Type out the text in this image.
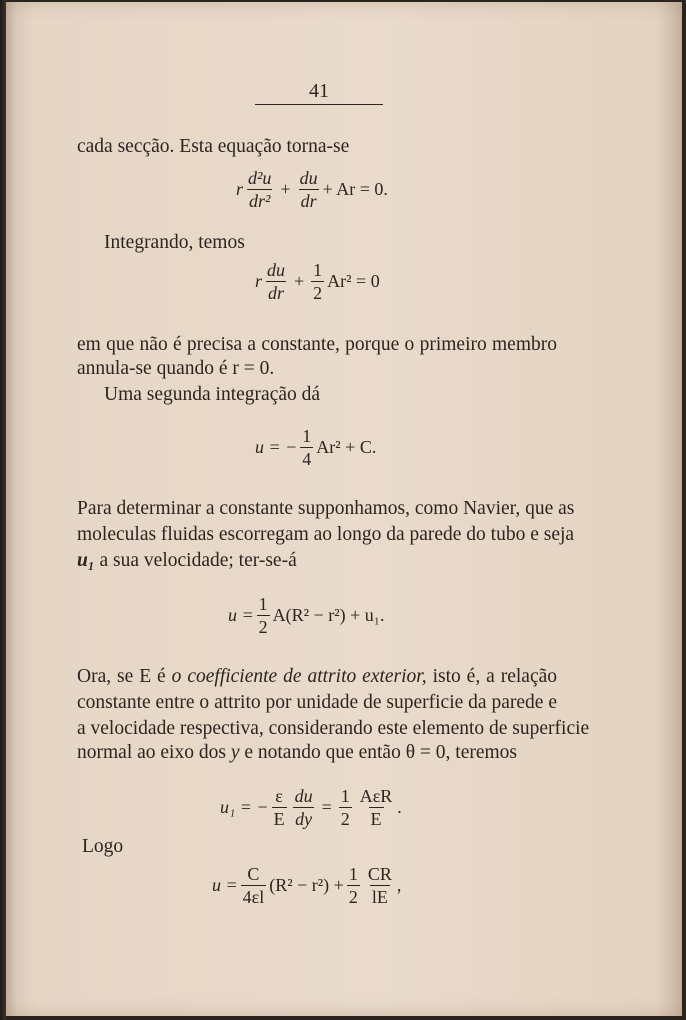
41
cada secção. Esta equação torna-se
r $\frac{\text{d²u}}{\text{dr²}} + \frac{du}{dr} + Ar = 0$.
Integrando, temos
r $\frac{du}{dr} + \frac{1}{2} Ar^2 = 0$
em que não é precisa a constante, porque o primeiro membro
annula-se quando é r = 0.
Uma segunda integração dá
u = − $\frac{1}{4} Ar^2 + C$.
Para determinar a constante supponhamos, como Navier, que as
moleculas fluidas escorregam ao longo da parede do tubo e seja
u₁ a sua velocidade; ter-se-á
$u = \frac{1}{2} A(R^2 - r^2) + u_1$.
Ora, se E é o coefficiente de attrito exterior, isto é, a relação
constante entre o attrito por unidade de superficie da parede e
a velocidade respectiva, considerando este elemento de superficie
normal ao eixo dos y e notando que então θ = 0, teremos
u₁ = − $\frac{\varepsilon}{E} \frac{du}{dy} = \frac{1}{2} \frac{\text{AεR}}{E}$ .
Logo
$u = \frac{C}{4\varepsilon l} (R^2 - r^2) + \frac{1}{2} \frac{CR}{lE}$ ,
